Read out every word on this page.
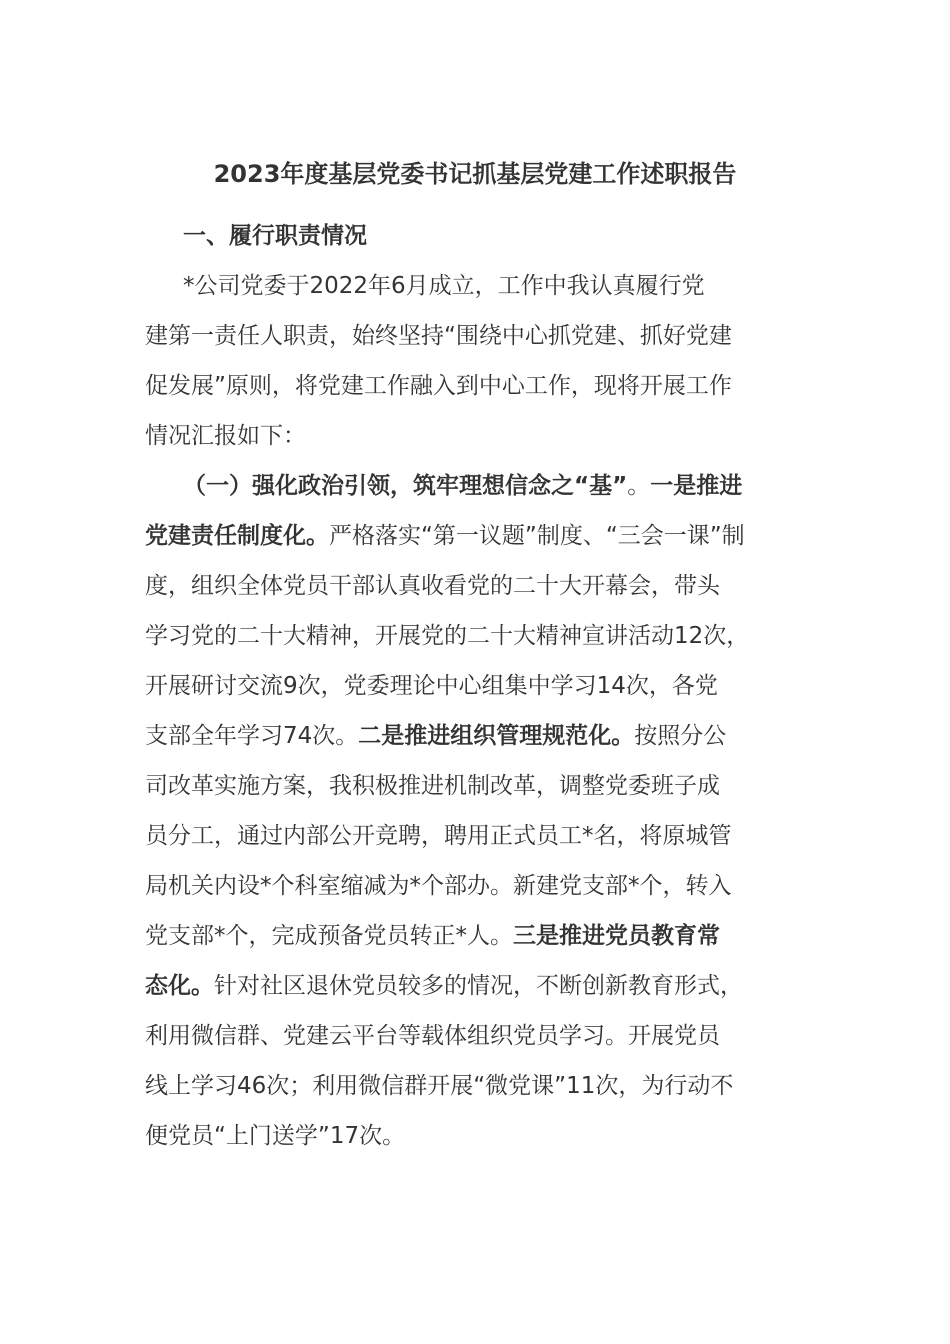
2023年度基层党委书记抓基层党建工作述职报告
一、履行职责情况
*公司党委于2022年6月成立，工作中我认真履行党
建第一责任人职责，始终坚持“围绕中心抓党建、抓好党建
促发展”原则，将党建工作融入到中心工作，现将开展工作
情况汇报如下：
（一）强化政治引领，筑牢理想信念之“基”。一是推进
党建责任制度化。严格落实“第一议题”制度、“三会一课”制
度，组织全体党员干部认真收看党的二十大开幕会，带头
学习党的二十大精神，开展党的二十大精神宣讲活动12次，
开展研讨交流9次，党委理论中心组集中学习14次，各党
支部全年学习74次。二是推进组织管理规范化。按照分公
司改革实施方案，我积极推进机制改革，调整党委班子成
员分工，通过内部公开竞聘，聘用正式员工*名，将原城管
局机关内设*个科室缩减为*个部办。新建党支部*个，转入
党支部*个，完成预备党员转正*人。三是推进党员教育常
态化。针对社区退休党员较多的情况，不断创新教育形式，
利用微信群、党建云平台等载体组织党员学习。开展党员
线上学习46次；利用微信群开展“微党课”11次，为行动不
便党员“上门送学”17次。
